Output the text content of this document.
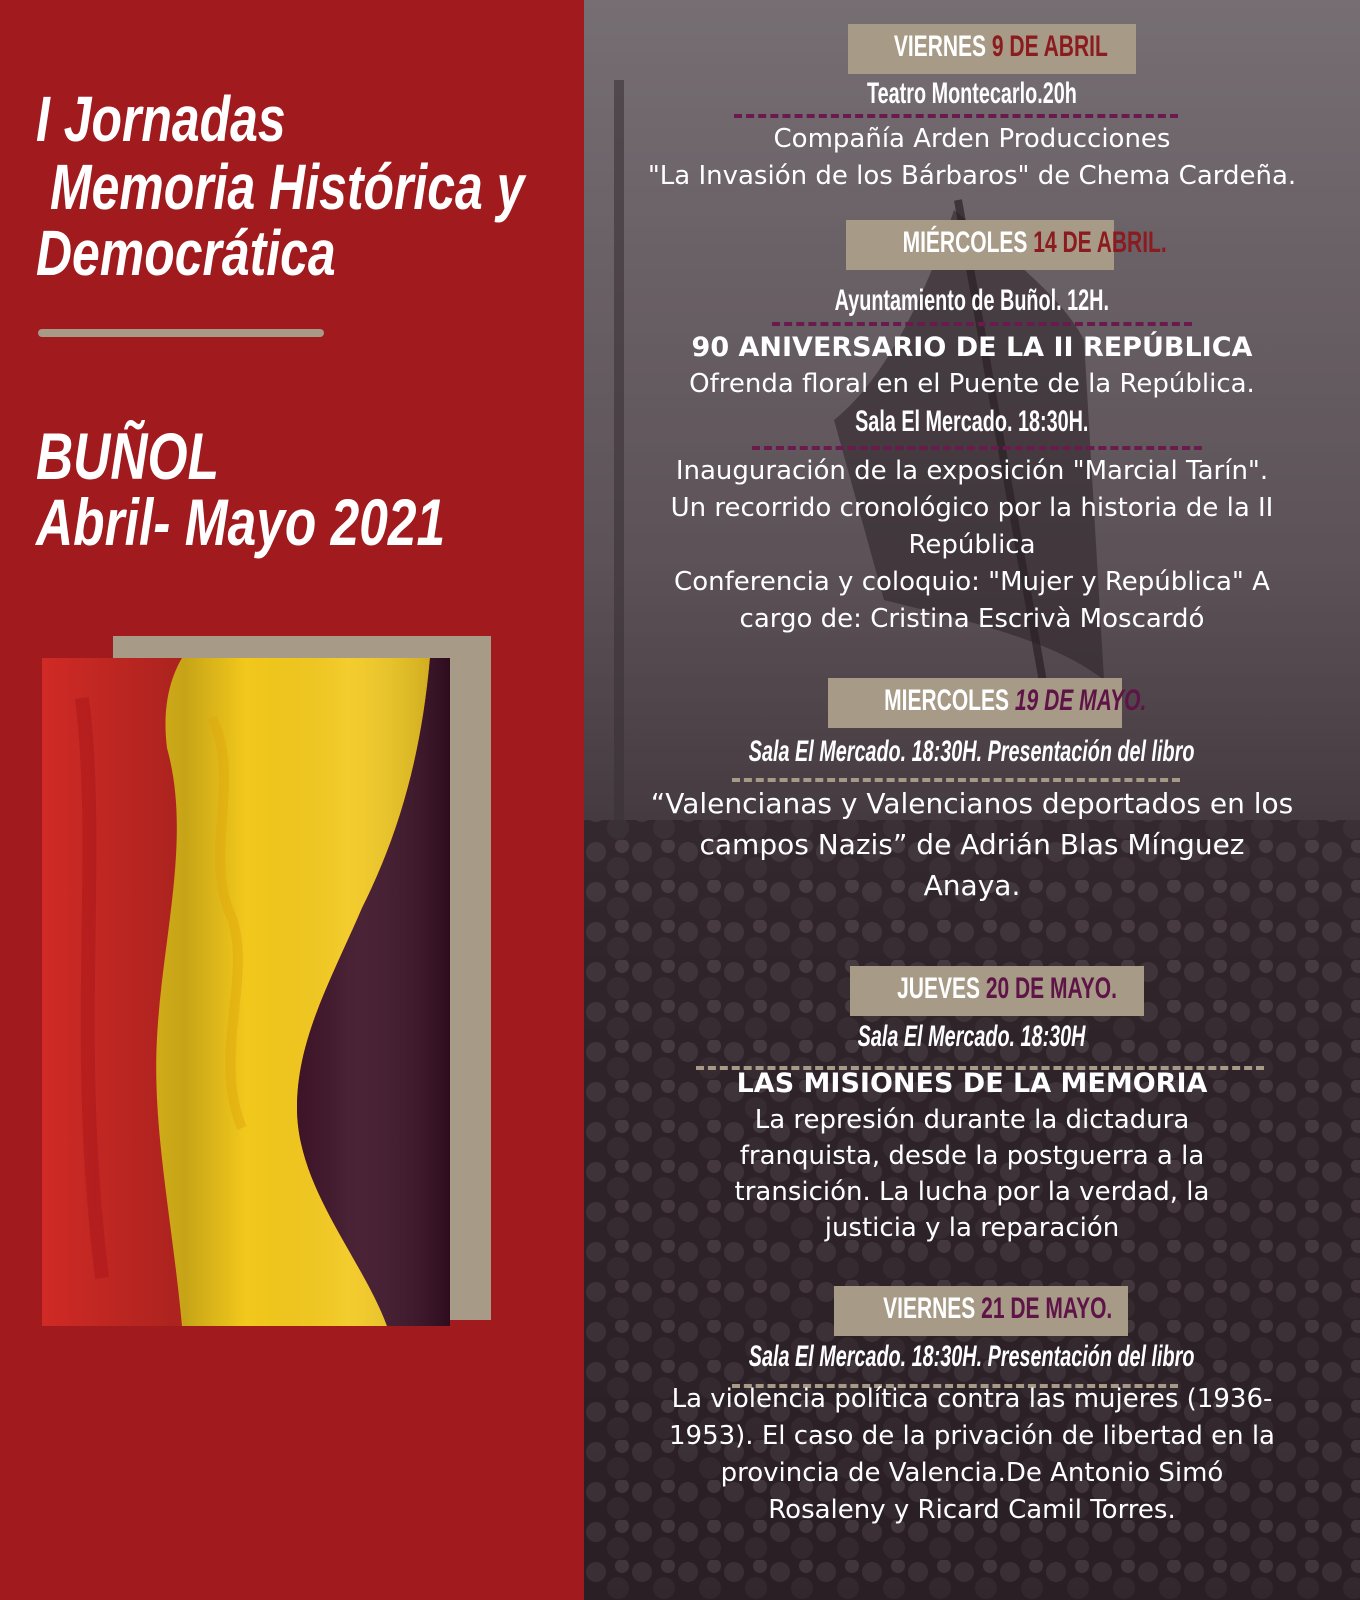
I Jornadas
Memoria Histórica y
Democrática
BUÑOL
Abril- Mayo 2021
VIERNES 9 DE ABRIL
Teatro Montecarlo.20h
Compañía Arden Producciones
"La Invasión de los Bárbaros" de Chema Cardeña.
MIÉRCOLES 14 DE ABRIL.
Ayuntamiento de Buñol. 12H.
90 ANIVERSARIO DE LA II REPÚBLICA
Ofrenda floral en el Puente de la República.
Sala El Mercado. 18:30H.
Inauguración de la exposición "Marcial Tarín".
Un recorrido cronológico por la historia de la II
República
Conferencia y coloquio: "Mujer y República" A
cargo de: Cristina Escrivà Moscardó
MIERCOLES 19 DE MAYO.
Sala El Mercado. 18:30H. Presentación del libro
“Valencianas y Valencianos deportados en los
campos Nazis” de Adrián Blas Mínguez
Anaya.
JUEVES 20 DE MAYO.
Sala El Mercado. 18:30H
LAS MISIONES DE LA MEMORIA
La represión durante la dictadura
franquista, desde la postguerra a la
transición. La lucha por la verdad, la
justicia y la reparación
VIERNES 21 DE MAYO.
Sala El Mercado. 18:30H. Presentación del libro
La violencia política contra las mujeres (1936-
1953). El caso de la privación de libertad en la
provincia de Valencia.De Antonio Simó
Rosaleny y Ricard Camil Torres.
